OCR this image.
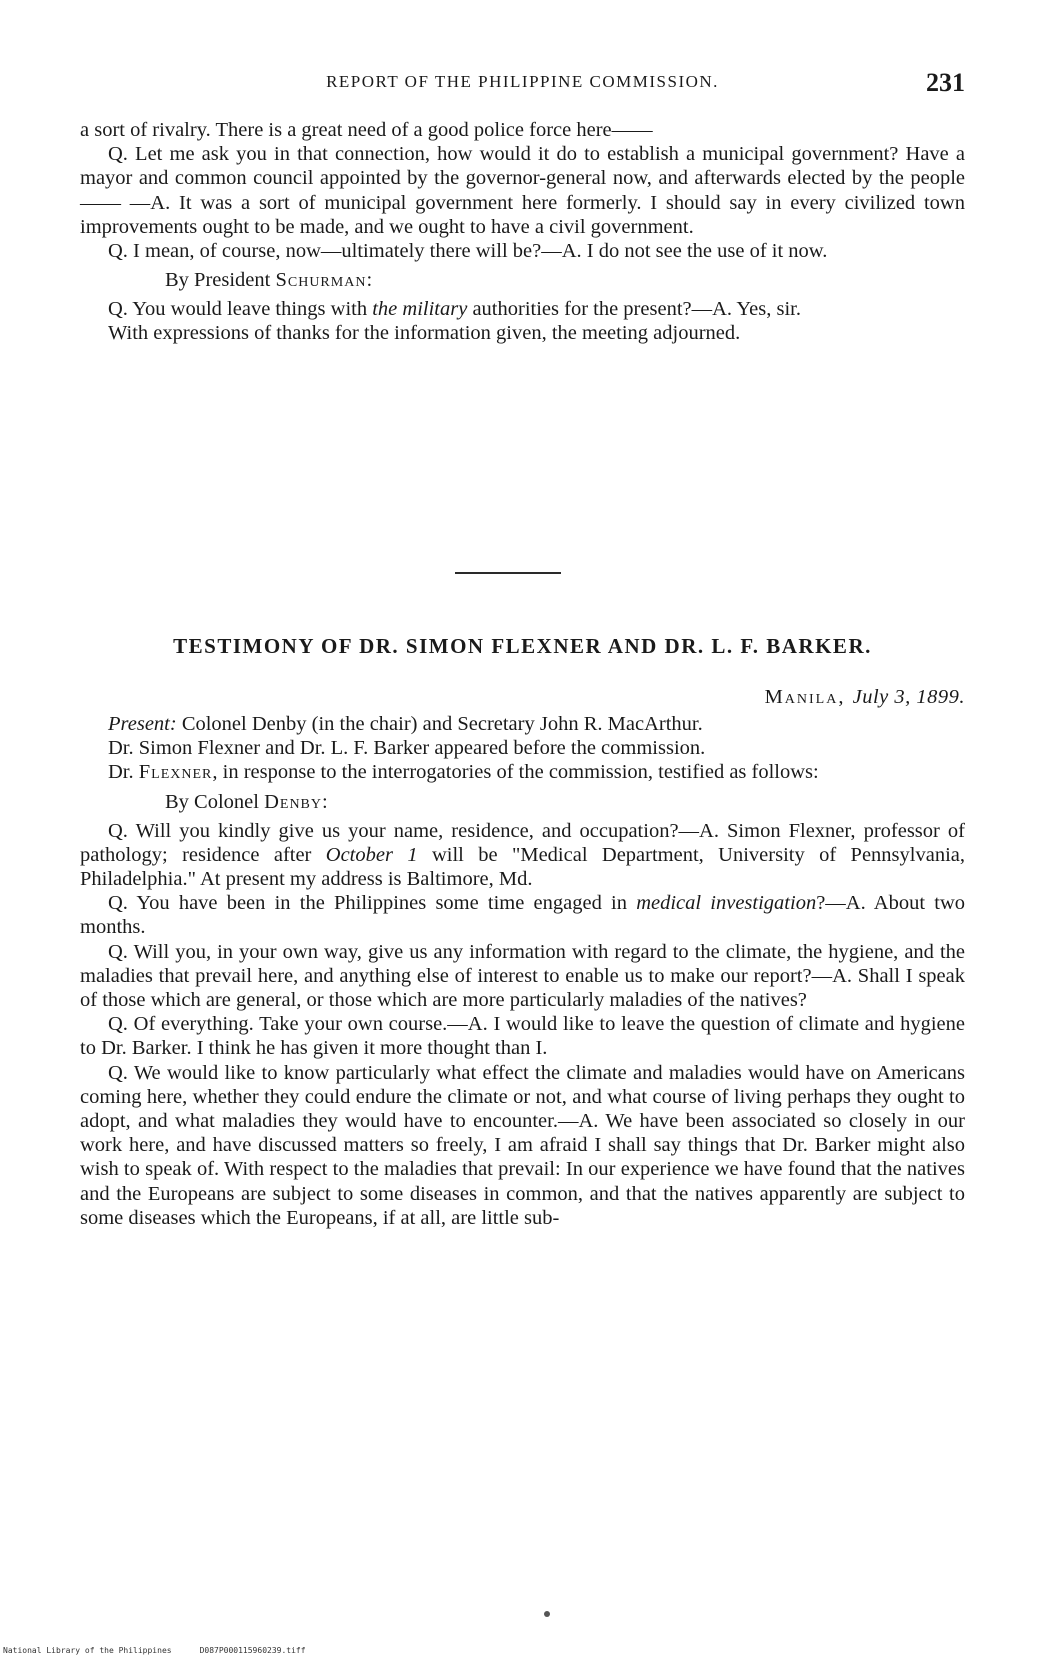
REPORT OF THE PHILIPPINE COMMISSION.	231

a sort of rivalry. There is a great need of a good police force here——

Q. Let me ask you in that connection, how would it do to establish a municipal government? Have a mayor and common council appointed by the governor-general now, and afterwards elected by the people—— —A. It was a sort of municipal government here formerly. I should say in every civilized town improvements ought to be made, and we ought to have a civil government.

Q. I mean, of course, now—ultimately there will be?—A. I do not see the use of it now.

By President Schurman:

Q. You would leave things with the military authorities for the present?—A. Yes, sir.

With expressions of thanks for the information given, the meeting adjourned.

TESTIMONY OF DR. SIMON FLEXNER AND DR. L. F. BARKER.
Manila, July 3, 1899.

Present: Colonel Denby (in the chair) and Secretary John R. MacArthur.

Dr. Simon Flexner and Dr. L. F. Barker appeared before the commission.

Dr. Flexner, in response to the interrogatories of the commission, testified as follows:

By Colonel Denby:

Q. Will you kindly give us your name, residence, and occupation?—A. Simon Flexner, professor of pathology; residence after October 1 will be "Medical Department, University of Pennsylvania, Philadelphia." At present my address is Baltimore, Md.

Q. You have been in the Philippines some time engaged in medical investigation?—A. About two months.

Q. Will you, in your own way, give us any information with regard to the climate, the hygiene, and the maladies that prevail here, and anything else of interest to enable us to make our report?—A. Shall I speak of those which are general, or those which are more particularly maladies of the natives?

Q. Of everything. Take your own course.—A. I would like to leave the question of climate and hygiene to Dr. Barker. I think he has given it more thought than I.

Q. We would like to know particularly what effect the climate and maladies would have on Americans coming here, whether they could endure the climate or not, and what course of living perhaps they ought to adopt, and what maladies they would have to encounter.—A. We have been associated so closely in our work here, and have discussed matters so freely, I am afraid I shall say things that Dr. Barker might also wish to speak of. With respect to the maladies that prevail: In our experience we have found that the natives and the Europeans are subject to some diseases in common, and that the natives apparently are subject to some diseases which the Europeans, if at all, are little sub-

National Library of the Philippines	D087P000115960239.tiff
